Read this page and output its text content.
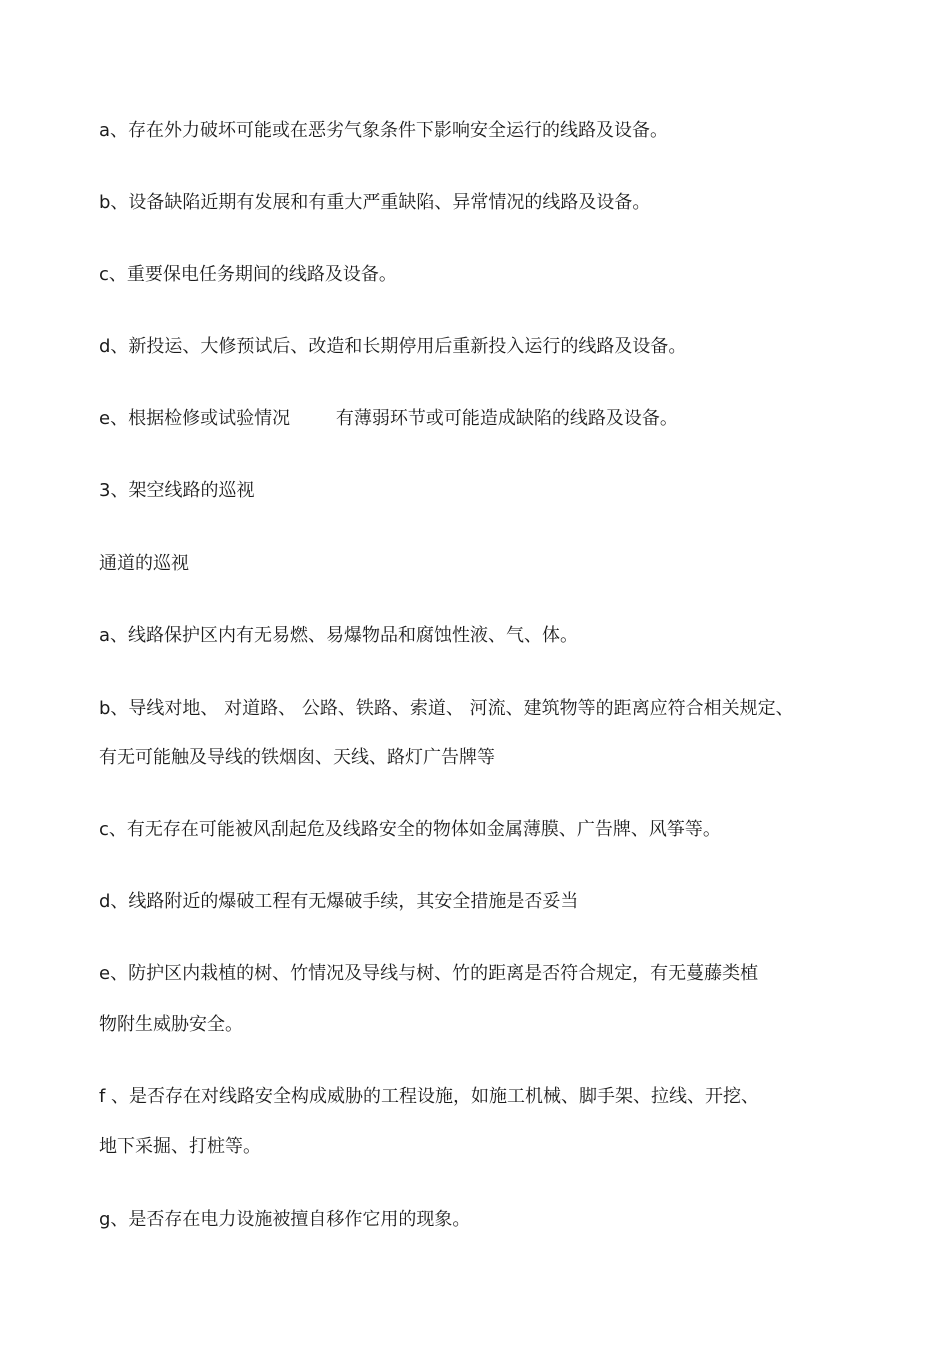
a、存在外力破坏可能或在恶劣气象条件下影响安全运行的线路及设备。
b、设备缺陷近期有发展和有重大严重缺陷、异常情况的线路及设备。
c、重要保电任务期间的线路及设备。
d、新投运、大修预试后、改造和长期停用后重新投入运行的线路及设备。
e、根据检修或试验情况        有薄弱环节或可能造成缺陷的线路及设备。
3、架空线路的巡视
通道的巡视
a、线路保护区内有无易燃、易爆物品和腐蚀性液、气、体。
b、导线对地、 对道路、 公路、铁路、索道、 河流、建筑物等的距离应符合相关规定、
有无可能触及导线的铁烟囱、天线、路灯广告牌等
c、有无存在可能被风刮起危及线路安全的物体如金属薄膜、广告牌、风筝等。
d、线路附近的爆破工程有无爆破手续，其安全措施是否妥当
e、防护区内栽植的树、竹情况及导线与树、竹的距离是否符合规定，有无蔓藤类植
物附生威胁安全。
f 、是否存在对线路安全构成威胁的工程设施，如施工机械、脚手架、拉线、开挖、
地下采掘、打桩等。
g、是否存在电力设施被擅自移作它用的现象。
